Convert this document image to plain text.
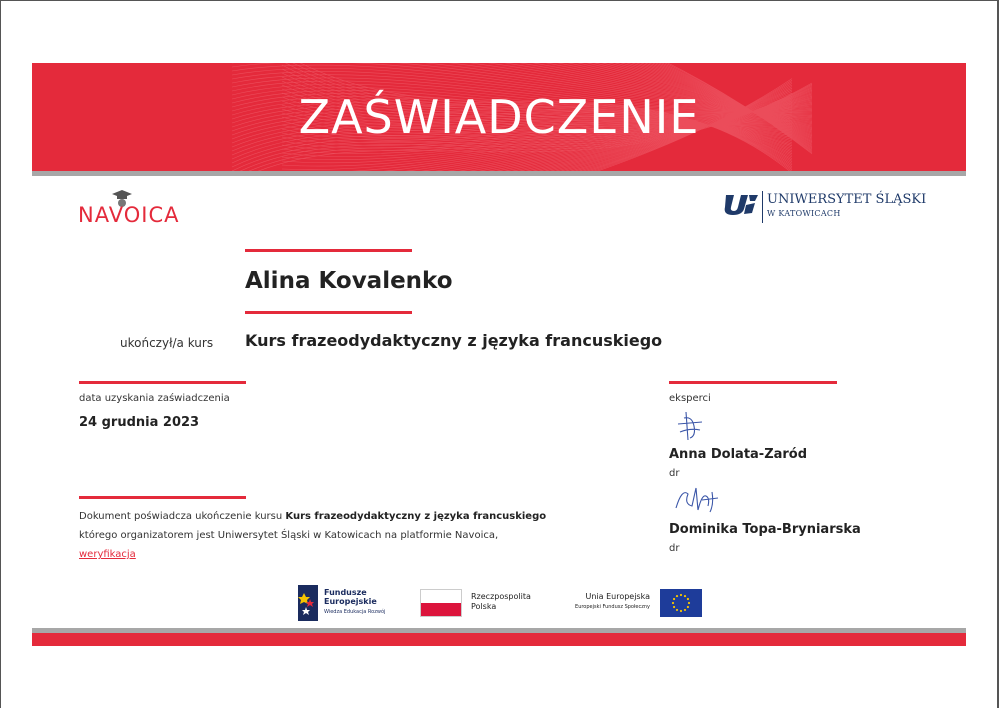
ZAŚWIADCZENIE
NAVOICA
UNIWERSYTET ŚLĄSKI
W KATOWICACH
Alina Kovalenko
ukończył/a kurs Kurs frazeodydaktyczny z języka francuskiego
data uzyskania zaświadczenia
24 grudnia 2023
Dokument poświadcza ukończenie kursu Kurs frazeodydaktyczny z języka francuskiego którego organizatorem jest Uniwersytet Śląski w Katowicach na platformie Navoica,
weryfikacja
eksperci
Anna Dolata-Zaród
dr
Dominika Topa-Bryniarska
dr
Fundusze
Europejskie
Wiedza Edukacja Rozwój
Rzeczpospolita
Polska
Unia Europejska
Europejski Fundusz Społeczny
